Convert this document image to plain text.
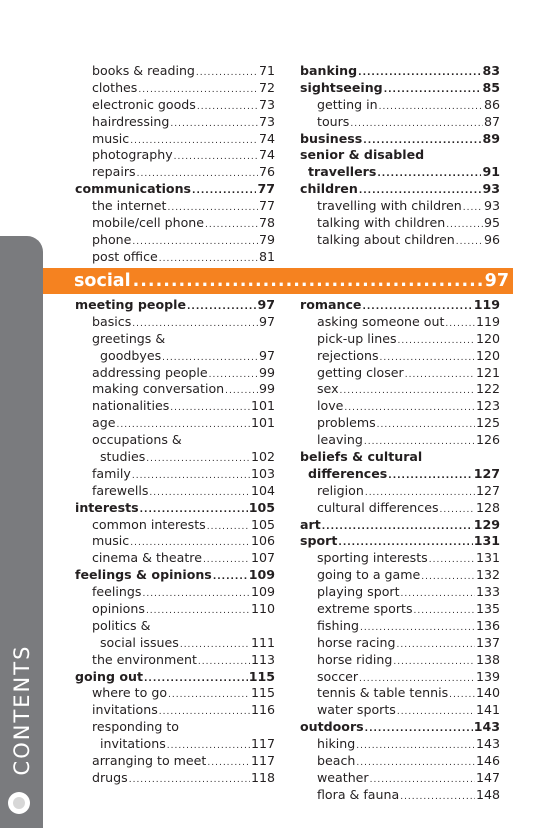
CONTENTS
books & reading .....	71
clothes .....	72
electronic goods .....	73
hairdressing .....	73
music .....	74
photography .....	74
repairs .....	76
communications .....	77
the internet .....	77
mobile/cell phone .....	78
phone .....	79
post office .....	81
banking .....	83
sightseeing .....	85
getting in .....	86
tours .....	87
business .....	89
senior & disabled
travellers .....	91
children .....	93
travelling with children ..... 93
talking with children .....	95
talking about children ..... 96
social .....	97
meeting people .....	97
basics .....	97
greetings &
goodbyes .....	97
addressing people .....	99
making conversation .....	99
nationalities .....	101
age .....	101
occupations &
studies .....	102
family .....	103
farewells .....	104
interests .....	105
common interests .....	105
music .....	106
cinema & theatre .....	107
feelings & opinions .....	109
feelings .....	109
opinions .....	110
politics &
social issues .....	111
the environment .....	113
going out .....	115
where to go .....	115
invitations .....	116
responding to
invitations .....	117
arranging to meet .....	117
drugs .....	118
romance .....	119
asking someone out .....	119
pick-up lines .....	120
rejections .....	120
getting closer .....	121
sex .....	122
love .....	123
problems .....	125
leaving .....	126
beliefs & cultural
differences .....	127
religion .....	127
cultural differences .....	128
art .....	129
sport .....	131
sporting interests .....	131
going to a game .....	132
playing sport .....	133
extreme sports .....	135
fishing .....	136
horse racing .....	137
horse riding .....	138
soccer .....	139
tennis & table tennis ..... 140
water sports .....	141
outdoors .....	143
hiking .....	143
beach .....	146
weather .....	147
flora & fauna .....	148
